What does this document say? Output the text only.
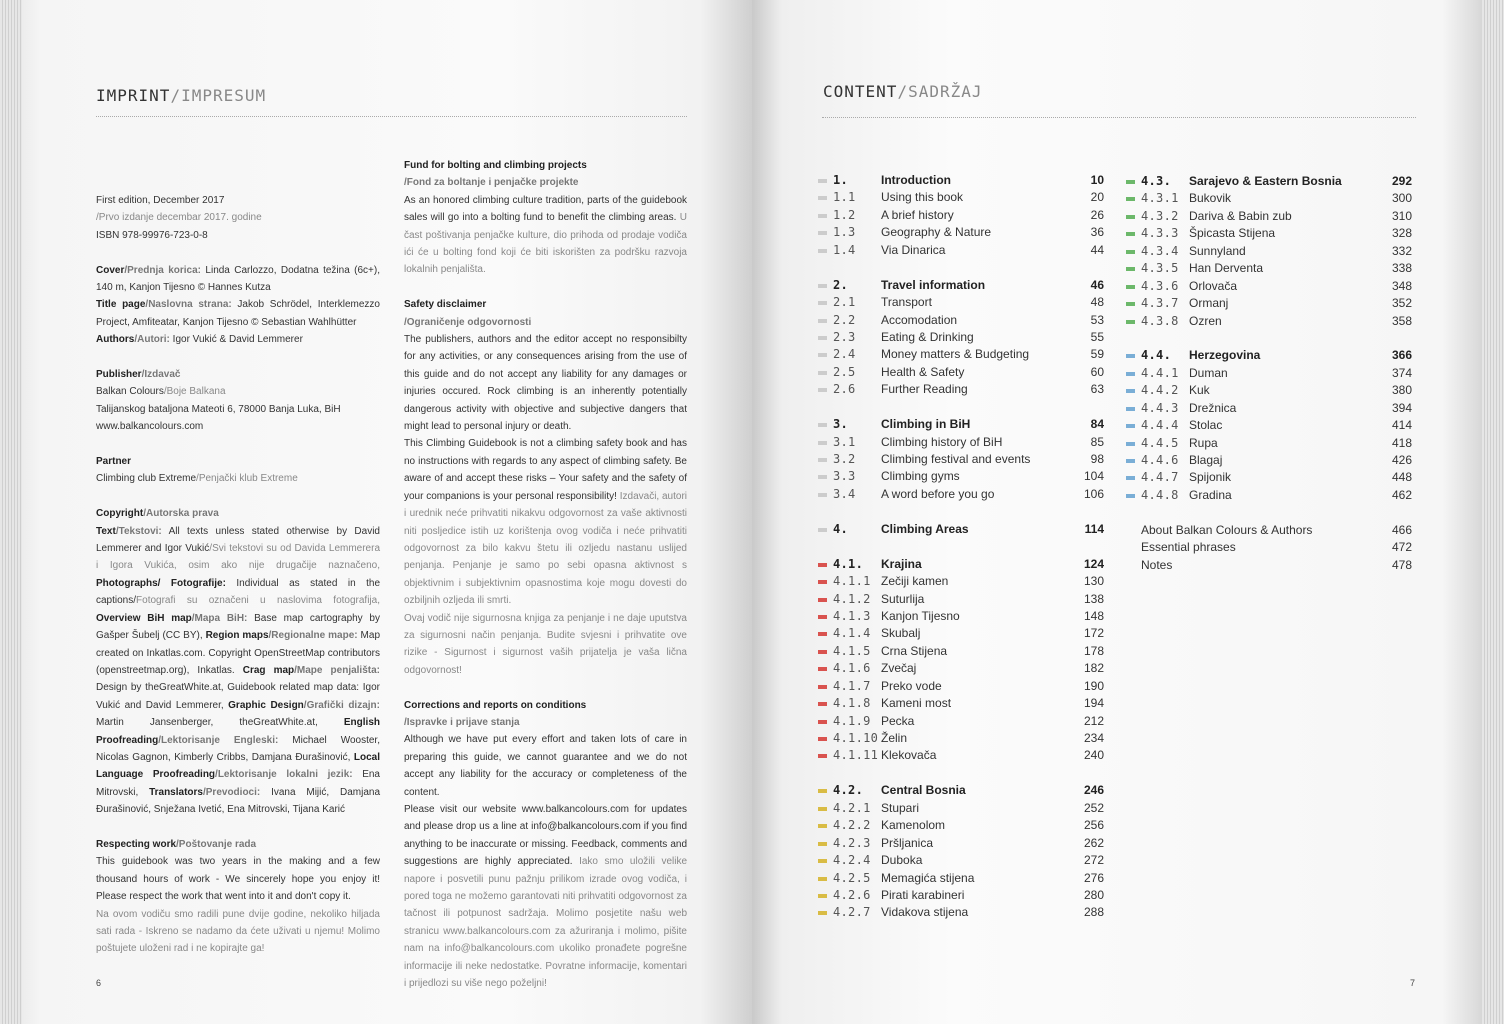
IMPRINT/IMPRESUM

First edition, December 2017

/Prvo izdanje decembar 2017. godine

ISBN 978-99976-723-0-8

Cover/Prednja korica: Linda Carlozzo, Dodatna težina (6c+), 140 m, Kanjon Tijesno © Hannes Kutza

Title page/Naslovna strana: Jakob Schrödel, Interklemezzo Project, Amfiteatar, Kanjon Tijesno © Sebastian Wahlhütter

Authors/Autori: Igor Vukić & David Lemmerer

Publisher/Izdavač

Balkan Colours/Boje Balkana

Talijanskog bataljona Mateoti 6, 78000 Banja Luka, BiH

www.balkancolours.com

Partner

Climbing club Extreme/Penjački klub Extreme

Copyright/Autorska prava

Text/Tekstovi: All texts unless stated otherwise by David Lemmerer and Igor Vukić/Svi tekstovi su od Davida Lemmerera i Igora Vukića, osim ako nije drugačije naznačeno, Photographs/ Fotografije: Individual as stated in the captions/Fotografi su označeni u naslovima fotografija, Overview BiH map/Mapa BiH: Base map cartography by Gašper Šubelj (CC BY), Region maps/Regionalne mape: Map created on Inkatlas.com. Copyright OpenStreetMap contributors (openstreetmap.org), Inkatlas. Crag map/Mape penjališta: Design by theGreatWhite.at, Guidebook related map data: Igor Vukić and David Lemmerer, Graphic Design/Grafički dizajn: Martin Jansenberger, theGreatWhite.at, English Proofreading/Lektorisanje Engleski: Michael Wooster, Nicolas Gagnon, Kimberly Cribbs, Damjana Đurašinović, Local Language Proofreading/Lektorisanje lokalni jezik: Ena Mitrovski, Translators/Prevodioci: Ivana Mijić, Damjana Đurašinović, Snježana Ivetić, Ena Mitrovski, Tijana Karić

Respecting work/Poštovanje rada

This guidebook was two years in the making and a few thousand hours of work - We sincerely hope you enjoy it! Please respect the work that went into it and don't copy it.

Na ovom vodiču smo radili pune dvije godine, nekoliko hiljada sati rada - Iskreno se nadamo da ćete uživati u njemu! Molimo poštujete uloženi rad i ne kopirajte ga!

Fund for bolting and climbing projects

/Fond za boltanje i penjačke projekte

As an honored climbing culture tradition, parts of the guidebook sales will go into a bolting fund to benefit the climbing areas. U čast poštivanja penjačke kulture, dio prihoda od prodaje vodiča ići će u bolting fond koji će biti iskorišten za podršku razvoja lokalnih penjališta.

Safety disclaimer

/Ograničenje odgovornosti

The publishers, authors and the editor accept no responsibilty for any activities, or any consequences arising from the use of this guide and do not accept any liability for any damages or injuries occured. Rock climbing is an inherently potentially dangerous activity with objective and subjective dangers that might lead to personal injury or death.

This Climbing Guidebook is not a climbing safety book and has no instructions with regards to any aspect of climbing safety. Be aware of and accept these risks – Your safety and the safety of your companions is your personal responsibility! Izdavači, autori i urednik neće prihvatiti nikakvu odgovornost za vaše aktivnosti niti posljedice istih uz korištenja ovog vodiča i neće prihvatiti odgovornost za bilo kakvu štetu ili ozljedu nastanu uslijed penjanja. Penjanje je samo po sebi opasna aktivnost s objektivnim i subjektivnim opasnostima koje mogu dovesti do ozbiljnih ozljeda ili smrti.

Ovaj vodič nije sigurnosna knjiga za penjanje i ne daje uputstva za sigurnosni način penjanja. Budite svjesni i prihvatite ove rizike - Sigurnost i sigurnost vaših prijatelja je vaša lična odgovornost!

Corrections and reports on conditions

/Ispravke i prijave stanja

Although we have put every effort and taken lots of care in preparing this guide, we cannot guarantee and we do not accept any liability for the accuracy or completeness of the content.

Please visit our website www.balkancolours.com for updates and please drop us a line at info@balkancolours.com if you find anything to be inaccurate or missing. Feedback, comments and suggestions are highly appreciated. Iako smo uložili velike napore i posvetili punu pažnju prilikom izrade ovog vodiča, i pored toga ne možemo garantovati niti prihvatiti odgovornost za tačnost ili potpunost sadržaja. Molimo posjetite našu web stranicu www.balkancolours.com za ažuriranja i molimo, pišite nam na info@balkancolours.com ukoliko pronađete pogrešne informacije ili neke nedostatke. Povratne informacije, komentari i prijedlozi su više nego poželjni!

6
CONTENT/SADRŽAJ
1.	Introduction	10
1.1 Using this book	20
1.2 A brief history	26
1.3 Geography & Nature	36
1.4 Via Dinarica	44
2.	Travel information	46
2.1 Transport	48
2.2 Accomodation	53
2.3 Eating & Drinking	55
2.4 Money matters & Budgeting	59
2.5 Health & Safety	60
2.6 Further Reading	63
3.	Climbing in BiH	84
3.1 Climbing history of BiH	85
3.2 Climbing festival and events	98
3.3 Climbing gyms	104
3.4 A word before you go	106
4.	Climbing Areas	114
4.1. Krajina	124
4.1.1 Zečiji kamen	130
4.1.2 Suturlija	138
4.1.3 Kanjon Tijesno	148
4.1.4 Skubalj	172
4.1.5 Crna Stijena	178
4.1.6 Zvečaj	182
4.1.7 Preko vode	190
4.1.8 Kameni most	194
4.1.9 Pecka	212
4.1.10 Želin	234
4.1.11 Klekovača	240
4.2. Central Bosnia	246
4.2.1 Stupari	252
4.2.2 Kamenolom	256
4.2.3 Pršljanica	262
4.2.4 Duboka	272
4.2.5 Memagića stijena	276
4.2.6 Pirati karabineri	280
4.2.7 Vidakova stijena	288
4.3. Sarajevo & Eastern Bosnia	292
4.3.1 Bukovik	300
4.3.2 Dariva & Babin zub	310
4.3.3 Špicasta Stijena	328
4.3.4 Sunnyland	332
4.3.5 Han Derventa	338
4.3.6 Orlovača	348
4.3.7 Ormanj	352
4.3.8 Ozren	358
4.4. Herzegovina	366
4.4.1 Duman	374
4.4.2 Kuk	380
4.4.3 Drežnica	394
4.4.4 Stolac	414
4.4.5 Rupa	418
4.4.6 Blagaj	426
4.4.7 Spijonik	448
4.4.8 Gradina	462
About Balkan Colours & Authors	466
Essential phrases	472
Notes	478
7
